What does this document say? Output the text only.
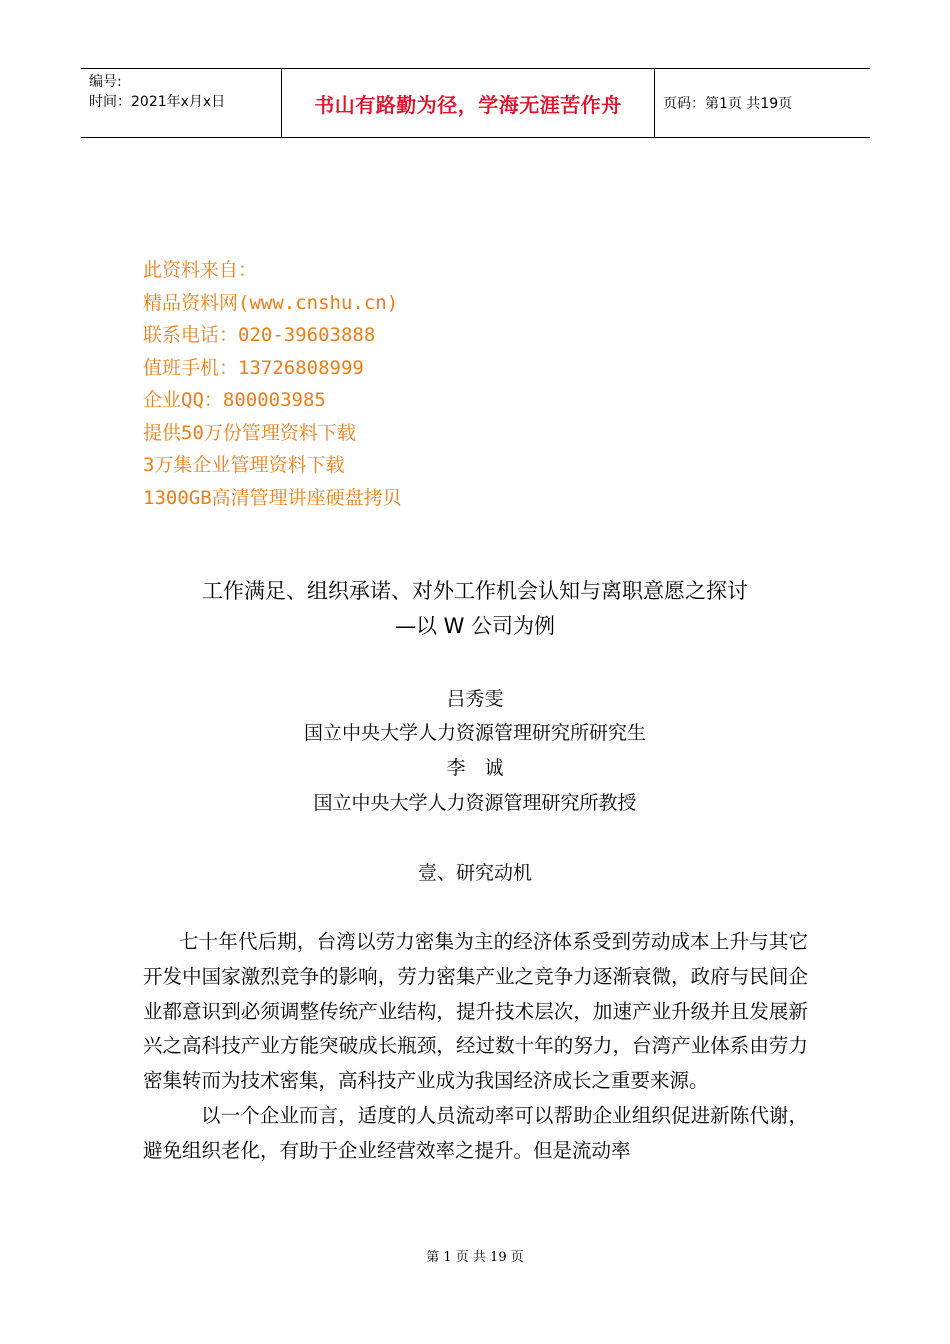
编号:
时间：2021年x月x日	书山有路勤为径，学海无涯苦作舟	页码：第1页 共19页
此资料来自：
精品资料网(www.cnshu.cn)
联系电话：020-39603888
值班手机：13726808999
企业QQ：800003985
提供50万份管理资料下载
3万集企业管理资料下载
1300GB高清管理讲座硬盘拷贝
工作满足、组织承诺、对外工作机会认知与离职意愿之探讨
—以 W 公司为例
吕秀雯
国立中央大学人力资源管理研究所研究生
李　诚
国立中央大学人力资源管理研究所教授
壹、研究动机

七十年代后期，台湾以劳力密集为主的经济体系受到劳动成本上升与其它开发中国家激烈竞争的影响，劳力密集产业之竞争力逐渐衰微，政府与民间企业都意识到必须调整传统产业结构，提升技术层次，加速产业升级并且发展新兴之高科技产业方能突破成长瓶颈，经过数十年的努力，台湾产业体系由劳力密集转而为技术密集，高科技产业成为我国经济成长之重要来源。

以一个企业而言，适度的人员流动率可以帮助企业组织促进新陈代谢，避免组织老化，有助于企业经营效率之提升。但是流动率

第 1 页 共 19 页
